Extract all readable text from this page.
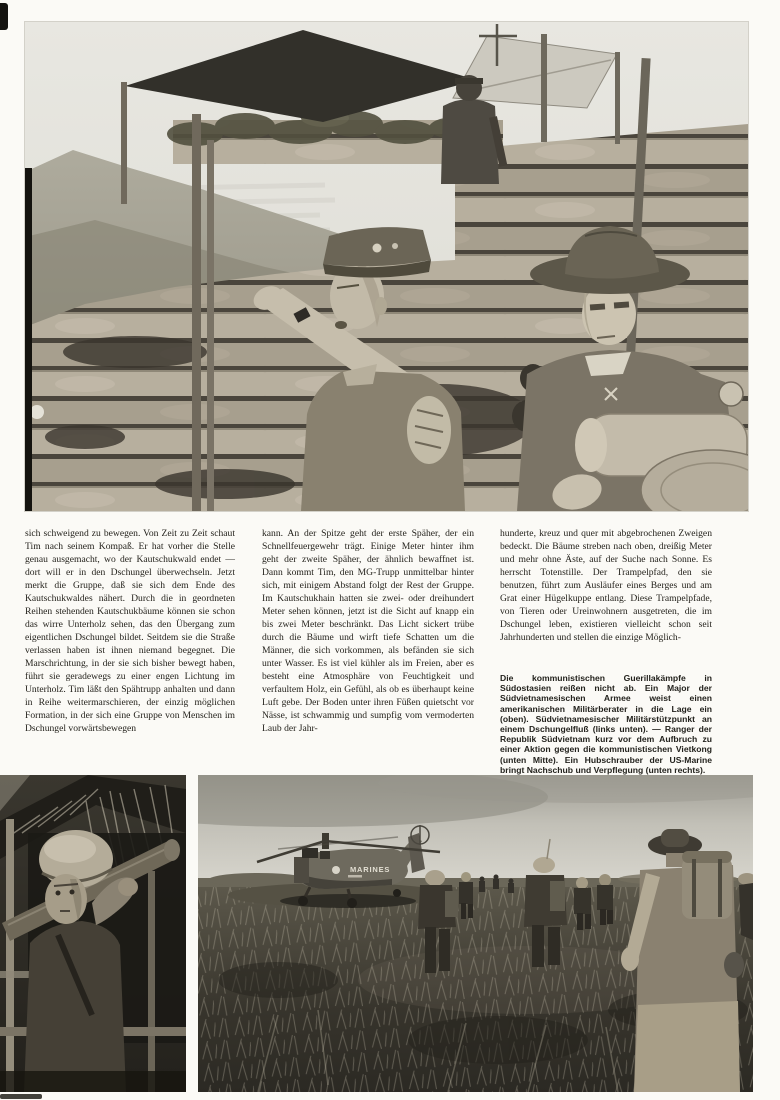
sich schweigend zu bewegen. Von Zeit zu Zeit schaut Tim nach seinem Kompaß. Er hat vorher die Stelle genau ausgemacht, wo der Kautschukwald endet — dort will er in den Dschungel überwechseln. Jetzt merkt die Gruppe, daß sie sich dem Ende des Kautschukwaldes nähert. Durch die in geordneten Reihen stehenden Kautschukbäume können sie schon das wirre Unterholz sehen, das den Übergang zum eigentlichen Dschungel bildet. Seitdem sie die Straße verlassen haben ist ihnen niemand begegnet. Die Marschrichtung, in der sie sich bisher bewegt haben, führt sie geradewegs zu einer engen Lichtung im Unterholz. Tim läßt den Spähtrupp anhalten und dann in Reihe weitermarschieren, der einzig möglichen Formation, in der sich eine Gruppe von Menschen im Dschungel vorwärtsbewegen
kann. An der Spitze geht der erste Späher, der ein Schnellfeuergewehr trägt. Einige Meter hinter ihm geht der zweite Späher, der ähnlich bewaffnet ist. Dann kommt Tim, den MG-Trupp unmittelbar hinter sich, mit einigem Abstand folgt der Rest der Gruppe. Im Kautschukhain hatten sie zwei- oder dreihundert Meter sehen können, jetzt ist die Sicht auf knapp ein bis zwei Meter beschränkt. Das Licht sickert trübe durch die Bäume und wirft tiefe Schatten um die Männer, die sich vorkommen, als befänden sie sich unter Wasser. Es ist viel kühler als im Freien, aber es besteht eine Atmosphäre von Feuchtigkeit und verfaultem Holz, ein Gefühl, als ob es überhaupt keine Luft gebe. Der Boden unter ihren Füßen quietscht vor Nässe, ist schwammig und sumpfig vom vermoderten Laub der Jahr-
hunderte, kreuz und quer mit abgebrochenen Zweigen bedeckt. Die Bäume streben nach oben, dreißig Meter und mehr ohne Äste, auf der Suche nach Sonne. Es herrscht Totenstille. Der Trampelpfad, den sie benutzen, führt zum Ausläufer eines Berges und am Grat einer Hügelkuppe entlang. Diese Trampelpfade, von Tieren oder Ureinwohnern ausgetreten, die im Dschungel leben, existieren vielleicht schon seit Jahrhunderten und stellen die einzige Möglich-

Die kommunistischen Guerillakämpfe in Südostasien reißen nicht ab. Ein Major der Südvietnamesischen Armee weist einen amerikanischen Militärberater in die Lage ein (oben). Südvietnamesischer Militärstützpunkt an einem Dschungelfluß (links unten). — Ranger der Republik Südvietnam kurz vor dem Aufbruch zu einer Aktion gegen die kommunistischen Vietkong (unten Mitte). Ein Hubschrauber der US-Marine bringt Nachschub und Verpflegung (unten rechts).

MARINES
